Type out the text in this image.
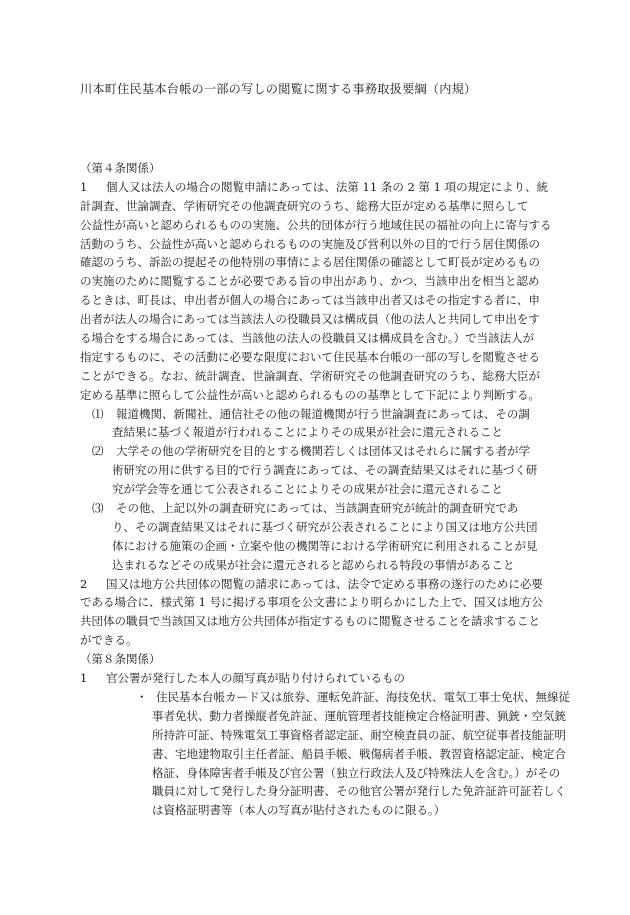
川本町住民基本台帳の一部の写しの閲覧に関する事務取扱要綱（内規）
（第４条関係）
1 個人又は法人の場合の閲覧申請にあっては、法第 11 条の 2 第 1 項の規定により、統
計調査、世論調査、学術研究その他調査研究のうち、総務大臣が定める基準に照らして
公益性が高いと認められるものの実施、公共的団体が行う地域住民の福祉の向上に寄与する
活動のうち、公益性が高いと認められるものの実施及び営利以外の目的で行う居住関係の
確認のうち、訴訟の提起その他特別の事情による居住関係の確認として町長が定めるもの
の実施のために閲覧することが必要である旨の申出があり、かつ、当該申出を相当と認め
るときは、町長は、申出者が個人の場合にあっては当該申出者又はその指定する者に、申
出者が法人の場合にあっては当該法人の役職員又は構成員（他の法人と共同して申出をす
る場合をする場合にあっては、当該他の法人の役職員又は構成員を含む。）で当該法人が
指定するものに、その活動に必要な限度において住民基本台帳の一部の写しを閲覧させる
ことができる。なお、統計調査、世論調査、学術研究その他調査研究のうち、総務大臣が
定める基準に照らして公益性が高いと認められるものの基準として下記により判断する。
⑴ 報道機関、新聞社、通信社その他の報道機関が行う世論調査にあっては、その調
査結果に基づく報道が行われることによりその成果が社会に還元されること
⑵ 大学その他の学術研究を目的とする機関若しくは団体又はそれらに属する者が学
術研究の用に供する目的で行う調査にあっては、その調査結果又はそれに基づく研
究が学会等を通じて公表されることによりその成果が社会に還元されること
⑶ その他、上記以外の調査研究にあっては、当該調査研究が統計的調査研究であ
り、その調査結果又はそれに基づく研究が公表されることにより国又は地方公共団
体における施策の企画・立案や他の機関等における学術研究に利用されることが見
込まれるなどその成果が社会に還元されると認められる特段の事情があること
2 国又は地方公共団体の閲覧の請求にあっては、法令で定める事務の遂行のために必要
である場合に、様式第 1 号に掲げる事項を公文書により明らかにした上で、国又は地方公
共団体の職員で当該国又は地方公共団体が指定するものに閲覧させることを請求すること
ができる。
（第８条関係）
1 官公署が発行した本人の顔写真が貼り付けられているもの
・ 住民基本台帳カード又は旅券、運転免許証、海技免状、電気工事士免状、無線従
事者免状、動力者操縦者免許証、運航管理者技能検定合格証明書、猟銃・空気銃
所持許可証、特殊電気工事資格者認定証、耐空検査員の証、航空従事者技能証明
書、宅地建物取引主任者証、船員手帳、戦傷病者手帳、教習資格認定証、検定合
格証、身体障害者手帳及び官公署（独立行政法人及び特殊法人を含む。）がその
職員に対して発行した身分証明書、その他官公署が発行した免許証許可証若しく
は資格証明書等（本人の写真が貼付されたものに限る。）
